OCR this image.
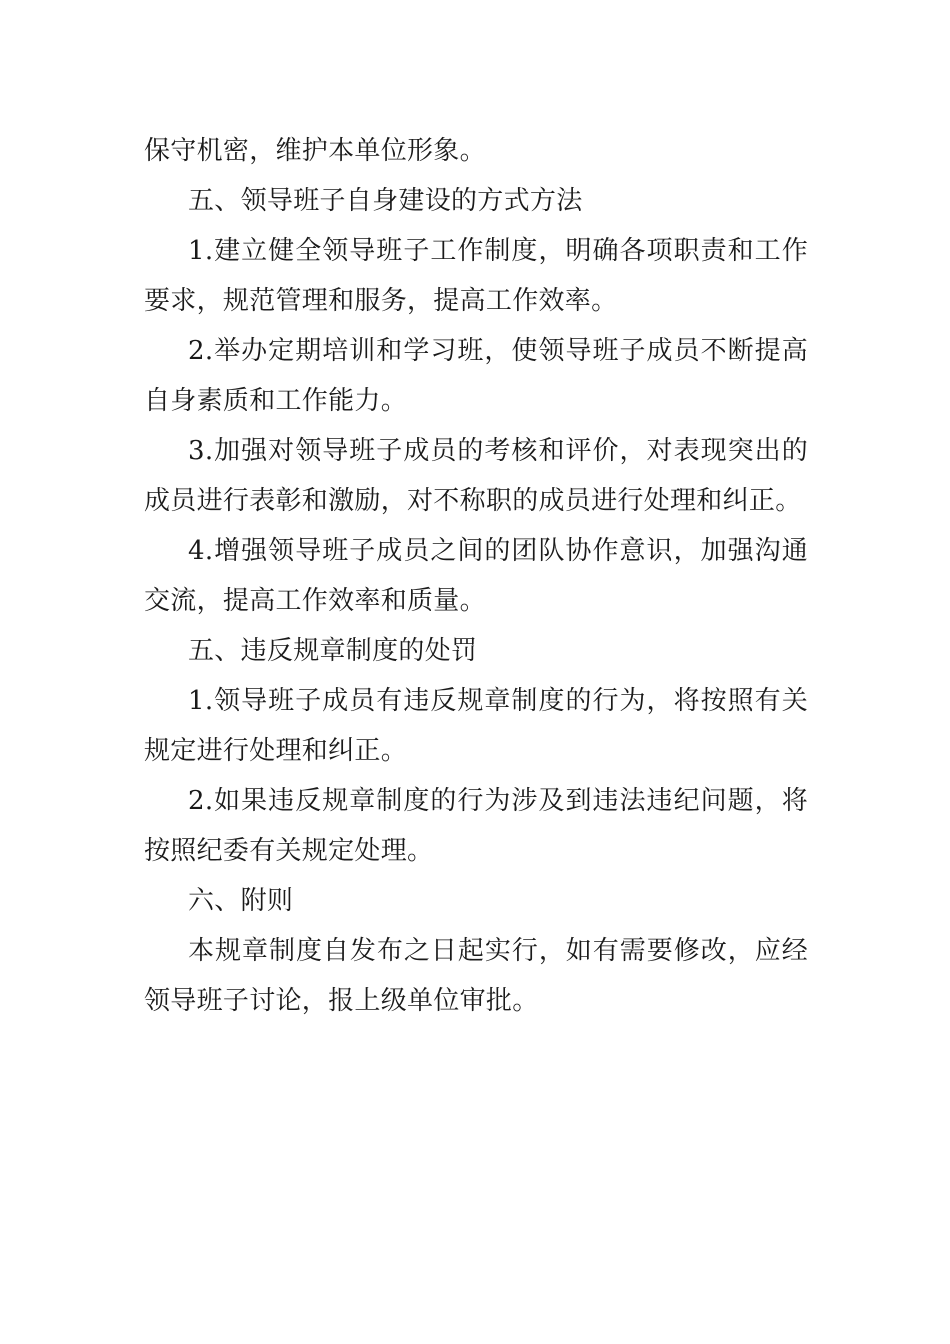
保守机密，维护本单位形象。

五、领导班子自身建设的方式方法

1.建立健全领导班子工作制度，明确各项职责和工作要求，规范管理和服务，提高工作效率。

2.举办定期培训和学习班，使领导班子成员不断提高自身素质和工作能力。

3.加强对领导班子成员的考核和评价，对表现突出的成员进行表彰和激励，对不称职的成员进行处理和纠正。

4.增强领导班子成员之间的团队协作意识，加强沟通交流，提高工作效率和质量。

五、违反规章制度的处罚

1.领导班子成员有违反规章制度的行为，将按照有关规定进行处理和纠正。

2.如果违反规章制度的行为涉及到违法违纪问题，将按照纪委有关规定处理。

六、附则

本规章制度自发布之日起实行，如有需要修改，应经领导班子讨论，报上级单位审批。
